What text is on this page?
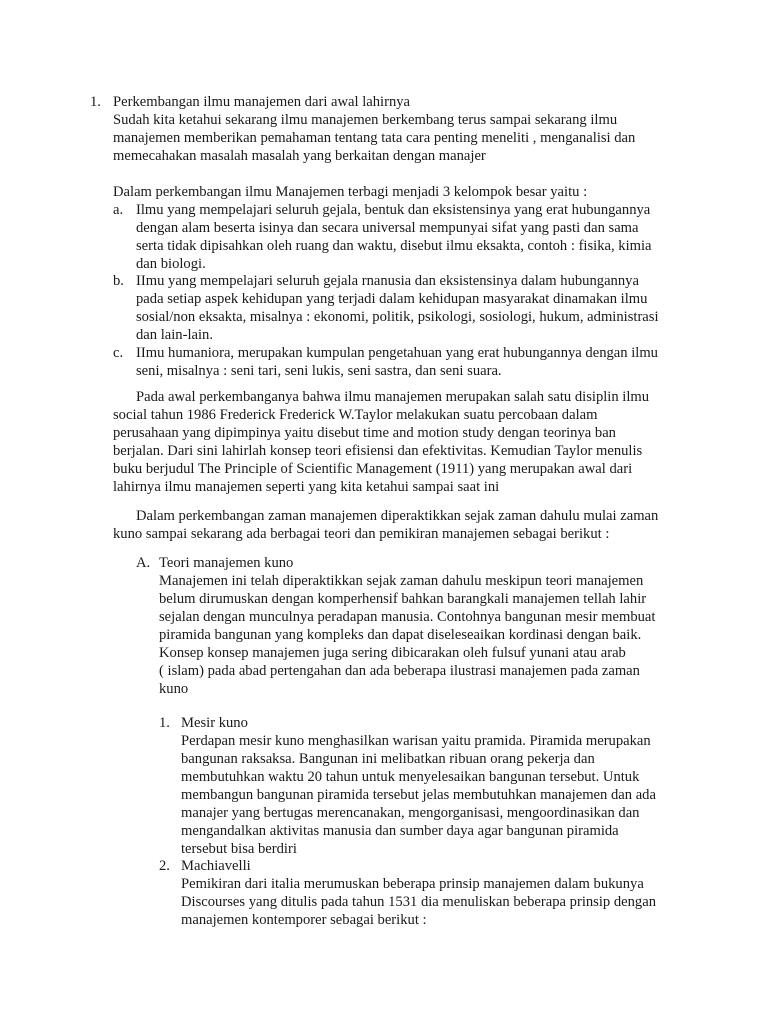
1. Perkembangan ilmu manajemen dari awal lahirnya
Sudah kita ketahui sekarang ilmu manajemen berkembang terus sampai sekarang ilmu
manajemen memberikan pemahaman tentang tata cara penting meneliti , menganalisi dan
memecahakan masalah masalah yang berkaitan dengan manajer
Dalam perkembangan ilmu Manajemen terbagi menjadi 3 kelompok besar yaitu :
a. Ilmu yang mempelajari seluruh gejala, bentuk dan eksistensinya yang erat hubungannya
dengan alam beserta isinya dan secara universal mempunyai sifat yang pasti dan sama
serta tidak dipisahkan oleh ruang dan waktu, disebut ilmu eksakta, contoh : fisika, kimia
dan biologi.
b. IImu yang mempelajari seluruh gejala rnanusia dan eksistensinya dalam hubungannya
pada setiap aspek kehidupan yang terjadi dalam kehidupan masyarakat dinamakan ilmu
sosial/non eksakta, misalnya : ekonomi, politik, psikologi, sosiologi, hukum, administrasi
dan lain-lain.
c. IImu humaniora, merupakan kumpulan pengetahuan yang erat hubungannya dengan ilmu
seni, misalnya : seni tari, seni lukis, seni sastra, dan seni suara.
Pada awal perkembanganya bahwa ilmu manajemen merupakan salah satu disiplin ilmu
social tahun 1986 Frederick Frederick W.Taylor melakukan suatu percobaan dalam
perusahaan yang dipimpinya yaitu disebut time and motion study dengan teorinya ban
berjalan. Dari sini lahirlah konsep teori efisiensi dan efektivitas. Kemudian Taylor menulis
buku berjudul The Principle of Scientific Management (1911) yang merupakan awal dari
lahirnya ilmu manajemen seperti yang kita ketahui sampai saat ini
Dalam perkembangan zaman manajemen diperaktikkan sejak zaman dahulu mulai zaman
kuno sampai sekarang ada berbagai teori dan pemikiran manajemen sebagai berikut :
A. Teori manajemen kuno
Manajemen ini telah diperaktikkan sejak zaman dahulu meskipun teori manajemen
belum dirumuskan dengan komperhensif bahkan barangkali manajemen tellah lahir
sejalan dengan munculnya peradapan manusia. Contohnya bangunan mesir membuat
piramida bangunan yang kompleks dan dapat diseleseaikan kordinasi dengan baik.
Konsep konsep manajemen juga sering dibicarakan oleh fulsuf yunani atau arab
( islam) pada abad pertengahan dan ada beberapa ilustrasi manajemen pada zaman
kuno
1. Mesir kuno
Perdapan mesir kuno menghasilkan warisan yaitu pramida. Piramida merupakan
bangunan raksaksa. Bangunan ini melibatkan ribuan orang pekerja dan
membutuhkan waktu 20 tahun untuk menyelesaikan bangunan tersebut. Untuk
membangun bangunan piramida tersebut jelas membutuhkan manajemen dan ada
manajer yang bertugas merencanakan, mengorganisasi, mengoordinasikan dan
mengandalkan aktivitas manusia dan sumber daya agar bangunan piramida
tersebut bisa berdiri
2. Machiavelli
Pemikiran dari italia merumuskan beberapa prinsip manajemen dalam bukunya
Discourses yang ditulis pada tahun 1531 dia menuliskan beberapa prinsip dengan
manajemen kontemporer sebagai berikut :
